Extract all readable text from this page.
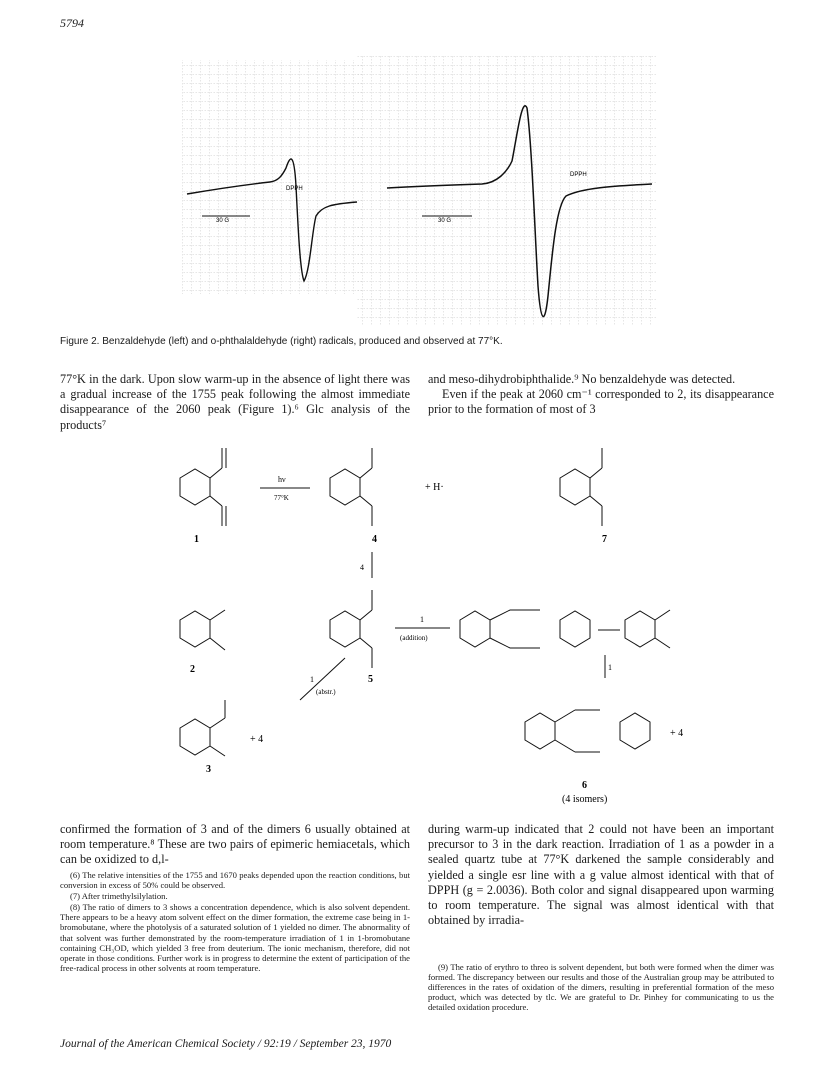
5794
DPPH
DPPH
30 G	30 G
Figure 2. Benzaldehyde (left) and o-phthalaldehyde (right) radicals, produced and observed at 77°K.

77°K in the dark. Upon slow warm-up in the absence of light there was a gradual increase of the 1755 peak following the almost immediate disappearance of the 2060 peak (Figure 1).⁶ Glc analysis of the products⁷

and meso-dihydrobiphthalide.⁹ No benzaldehyde was detected.

Even if the peak at 2060 cm⁻¹ corresponded to 2, its disappearance prior to the formation of most of 3

1
hν
77°K
4
+ H·
7
4
2
5
1
(addition)
1
1
(abstr.)
+ 4
3
+ 4
6
(4 isomers)
confirmed the formation of 3 and of the dimers 6 usually obtained at room temperature.⁸ These are two pairs of epimeric hemiacetals, which can be oxidized to d,l-

(6) The relative intensities of the 1755 and 1670 peaks depended upon the reaction conditions, but conversion in excess of 50% could be observed.

(7) After trimethylsilylation.

(8) The ratio of dimers to 3 shows a concentration dependence, which is also solvent dependent. There appears to be a heavy atom solvent effect on the dimer formation, the extreme case being in 1-bromobutane, where the photolysis of a saturated solution of 1 yielded no dimer. The abnormality of that solvent was further demonstrated by the room-temperature irradiation of 1 in 1-bromobutane containing CH₃OD, which yielded 3 free from deuterium. The ionic mechanism, therefore, did not operate in those conditions. Further work is in progress to determine the extent of participation of the free-radical process in other solvents at room temperature.

during warm-up indicated that 2 could not have been an important precursor to 3 in the dark reaction. Irradiation of 1 as a powder in a sealed quartz tube at 77°K darkened the sample considerably and yielded a single esr line with a g value almost identical with that of DPPH (g = 2.0036). Both color and signal disappeared upon warming to room temperature. The signal was almost identical with that obtained by irradia-

(9) The ratio of erythro to threo is solvent dependent, but both were formed when the dimer was formed. The discrepancy between our results and those of the Australian group may be attributed to differences in the rates of oxidation of the dimers, resulting in preferential formation of the meso product, which was detected by tlc. We are grateful to Dr. Pinhey for communicating to us the detailed oxidation procedure.

Journal of the American Chemical Society / 92:19 / September 23, 1970
